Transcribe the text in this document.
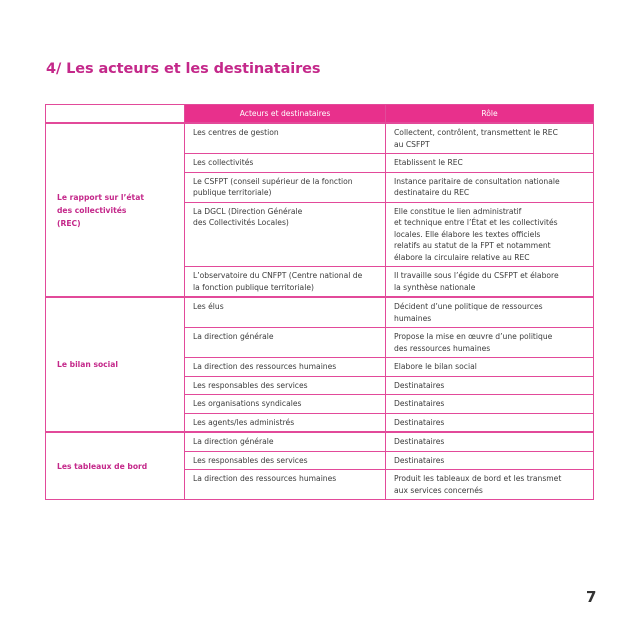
4/ Les acteurs et les destinataires
	Acteurs et destinataires	Rôle
Le rapport sur l’état
des collectivités
(REC)	Les centres de gestion	Collectent, contrôlent, transmettent le REC
au CSFPT
	Les collectivités	Etablissent le REC
	Le CSFPT (conseil supérieur de la fonction
publique territoriale)	Instance paritaire de consultation nationale
destinataire du REC
	La DGCL (Direction Générale
des Collectivités Locales)	Elle constitue le lien administratif
et technique entre l’État et les collectivités
locales. Elle élabore les textes officiels
relatifs au statut de la FPT et notamment
élabore la circulaire relative au REC
	L’observatoire du CNFPT (Centre national de
la fonction publique territoriale)	Il travaille sous l’égide du CSFPT et élabore
la synthèse nationale
Le bilan social	Les élus	Décident d’une politique de ressources
humaines
	La direction générale	Propose la mise en œuvre d’une politique
des ressources humaines
	La direction des ressources humaines	Elabore le bilan social
	Les responsables des services	Destinataires
	Les organisations syndicales	Destinataires
	Les agents/les administrés	Destinataires
Les tableaux de bord	La direction générale	Destinataires
	Les responsables des services	Destinataires
	La direction des ressources humaines	Produit les tableaux de bord et les transmet
aux services concernés
7
